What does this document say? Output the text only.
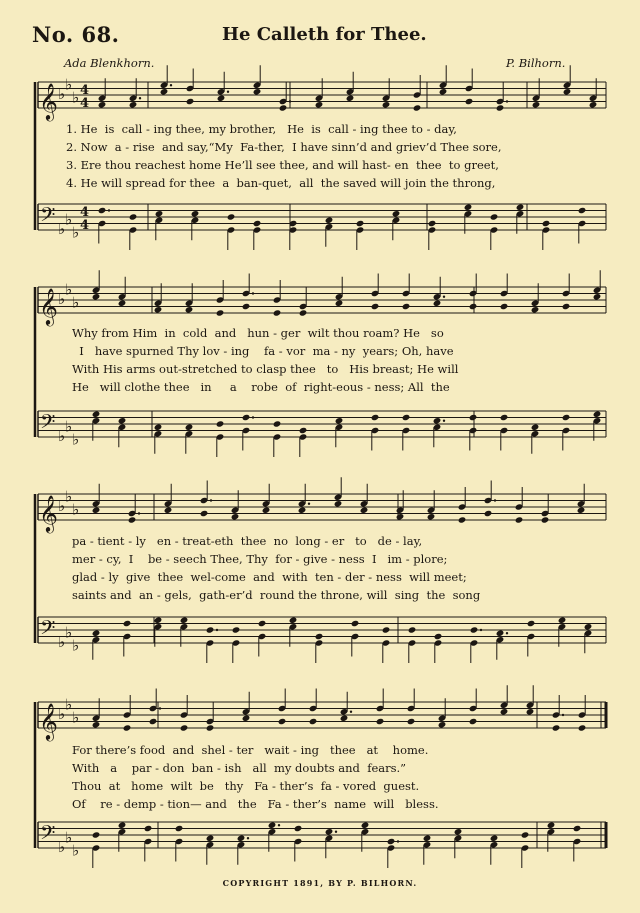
No. 68.	He Calleth for Thee.
Ada Blenkhorn.	P. Bilhorn.
𝄞 ♭
♭
♭ 4
4
𝄢 ♭
♭
♭
4
4
𝄞 ♭
♭
♭
𝄢 ♭
♭
♭
𝄞 ♭
♭
♭
𝄢 ♭
♭
♭
𝄞 ♭
♭
♭
𝄢 ♭
♭
♭
1. He  is  call - ing thee, my brother,   He  is  call - ing thee to - day,
2. Now  a - rise  and say,“My  Fa-ther,  I have sinn’d and griev’d Thee sore,
3. Ere thou reachest home He’ll see thee, and will hast- en  thee  to greet,
4. He will spread for thee  a  ban-quet,  all  the saved will join the throng,
Why from Him  in  cold  and   hun - ger  wilt thou roam? He   so
I   have spurned Thy lov - ing    fa - vor  ma - ny  years; Oh, have
With His arms out-stretched to clasp thee   to   His breast; He will
He   will clothe thee   in     a    robe  of  right-eous - ness; All  the
pa - tient - ly   en - treat-eth  thee  no  long - er   to   de - lay,
mer - cy,  I    be - seech Thee, Thy  for - give - ness  I   im - plore;
glad - ly  give  thee  wel-come  and  with  ten - der - ness  will meet;
saints and  an - gels,  gath-er’d  round the throne, will  sing  the  song
For there’s food  and  shel - ter   wait - ing   thee   at    home.
With   a    par - don  ban - ish   all  my doubts and  fears.”
Thou  at   home  wilt  be   thy   Fa - ther’s  fa - vored  guest.
Of    re - demp - tion— and   the   Fa - ther’s  name  will   bless.
COPYRIGHT 1891, BY P. BILHORN.
